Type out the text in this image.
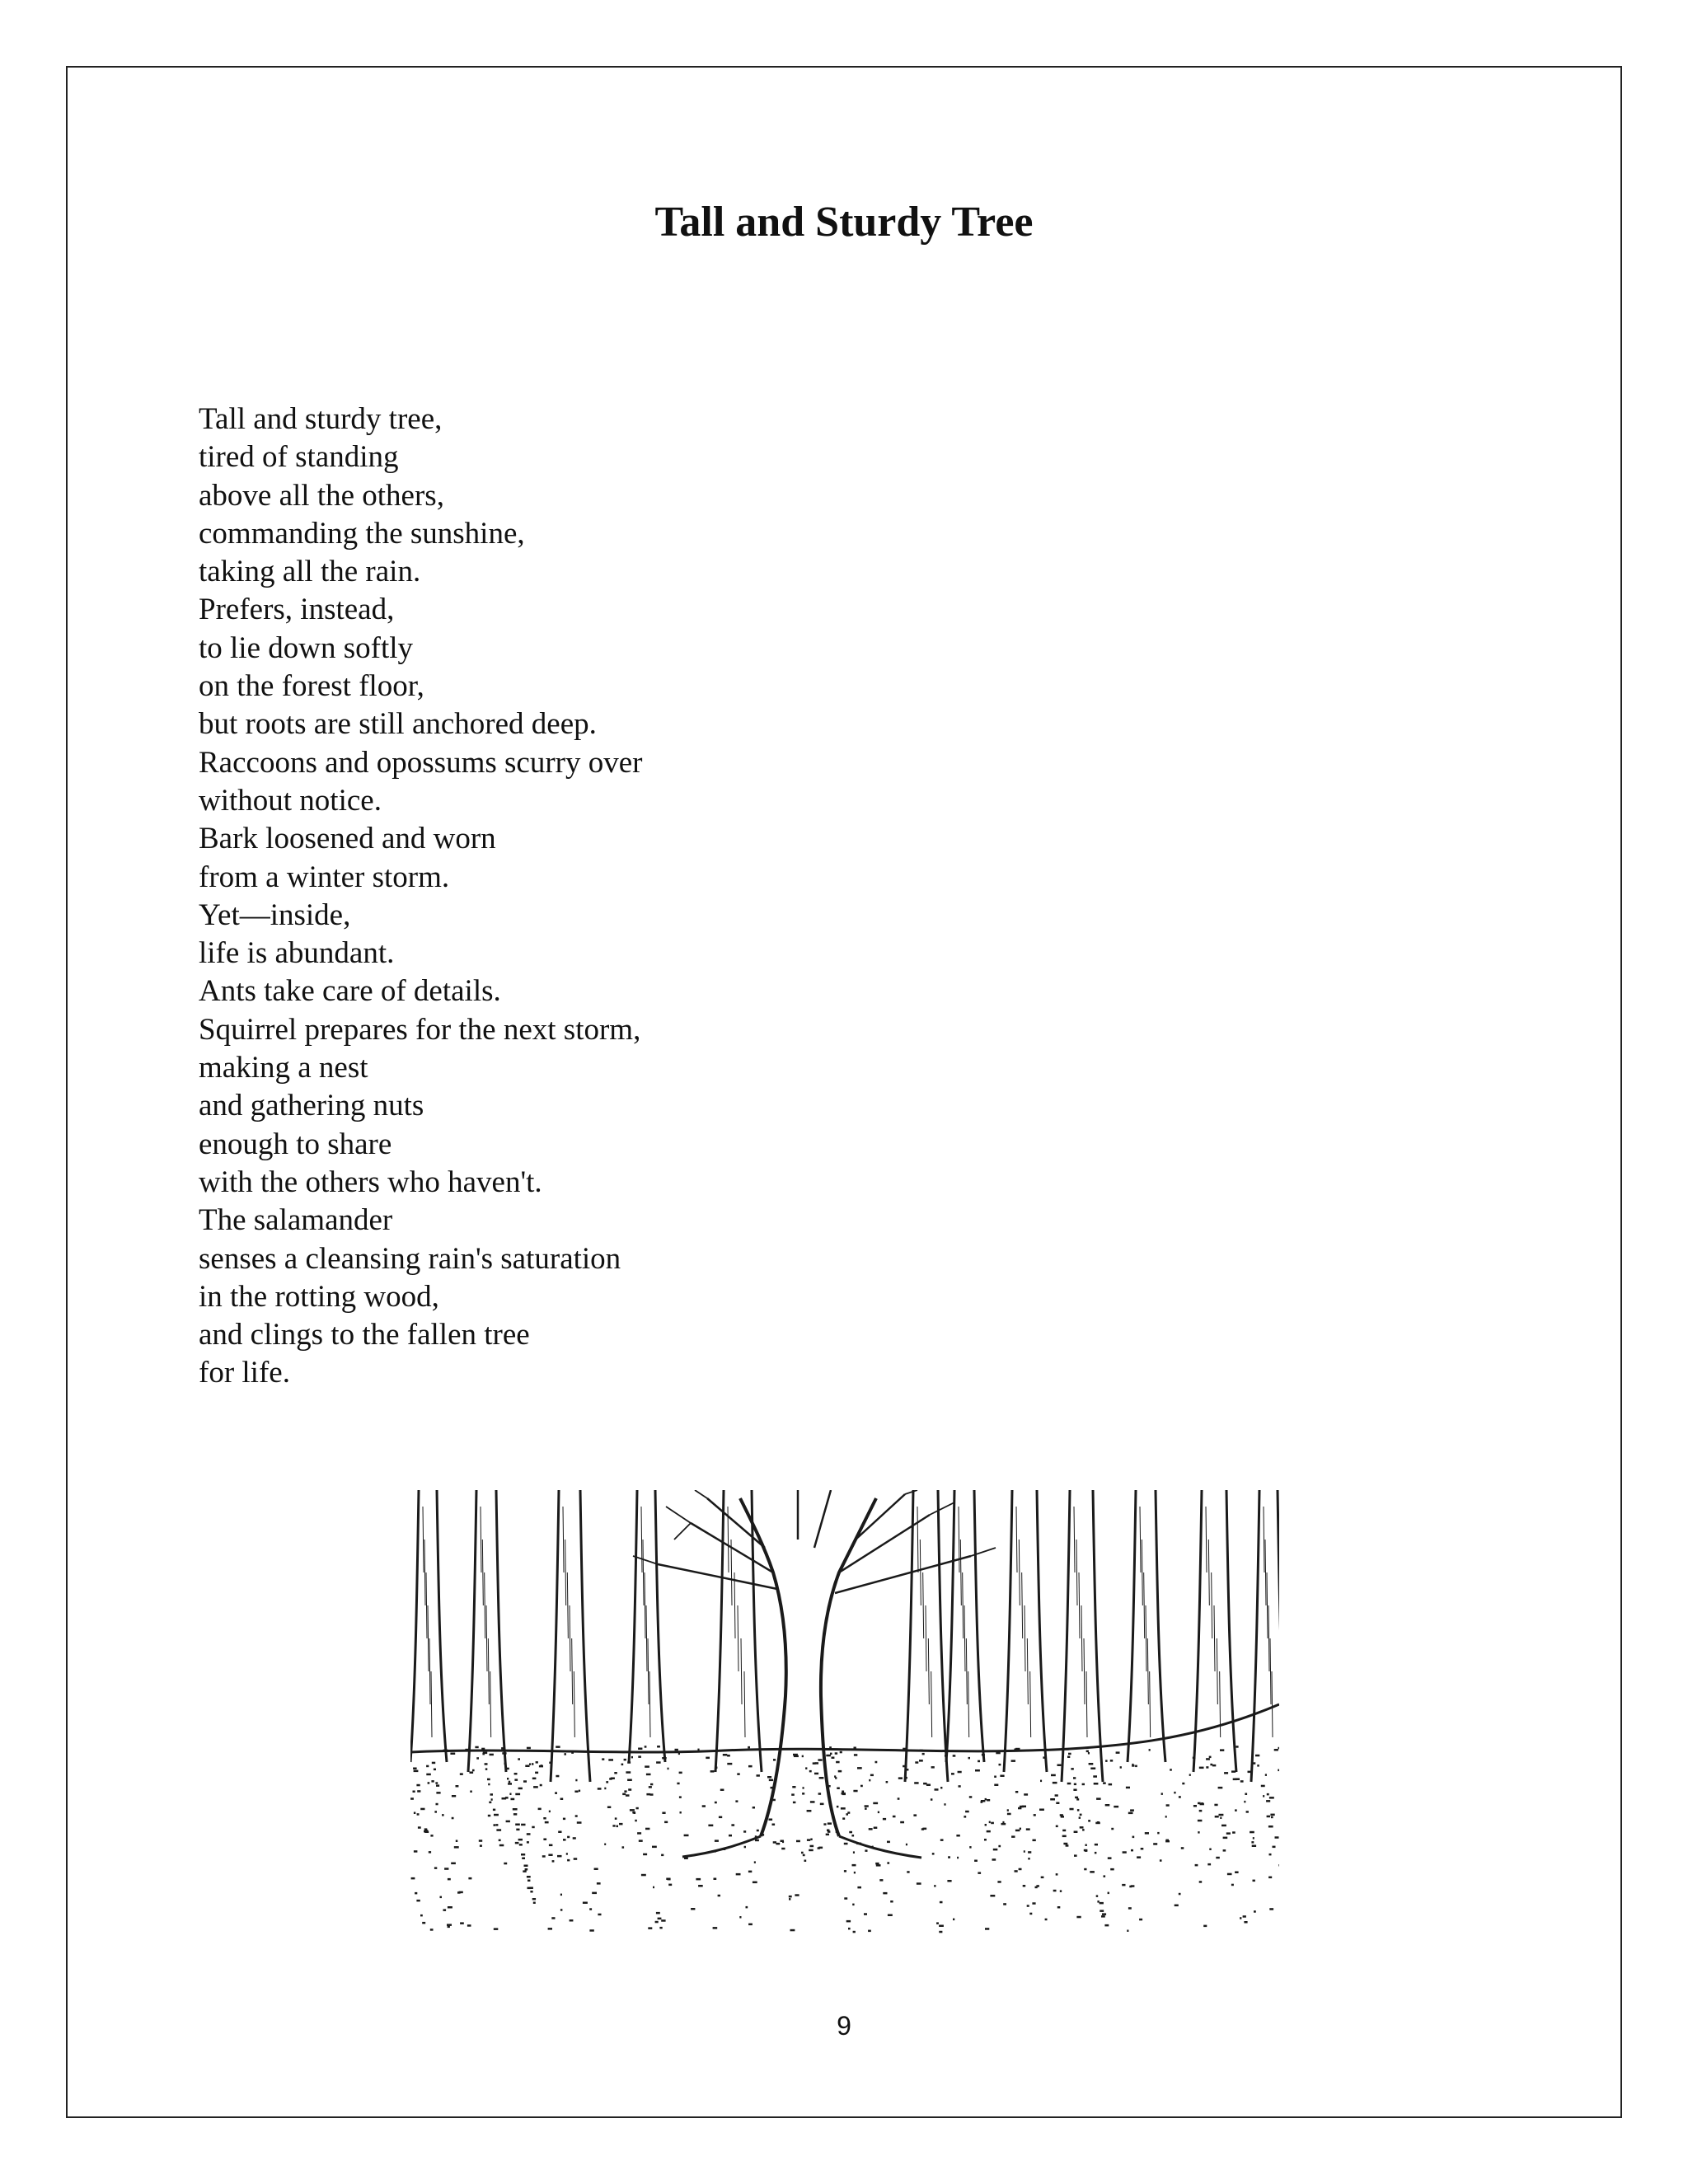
Tall and Sturdy Tree
Tall and sturdy tree,
tired of standing
above all the others,
commanding the sunshine,
taking all the rain.
Prefers, instead,
to lie down softly
on the forest floor,
but roots are still anchored deep.
Raccoons and opossums scurry over
without notice.
Bark loosened and worn
from a winter storm.
Yet—inside,
life is abundant.
Ants take care of details.
Squirrel prepares for the next storm,
making a nest
and gathering nuts
enough to share
with the others who haven't.
The salamander
senses a cleansing rain's saturation
in the rotting wood,
and clings to the fallen tree
for life.
9
